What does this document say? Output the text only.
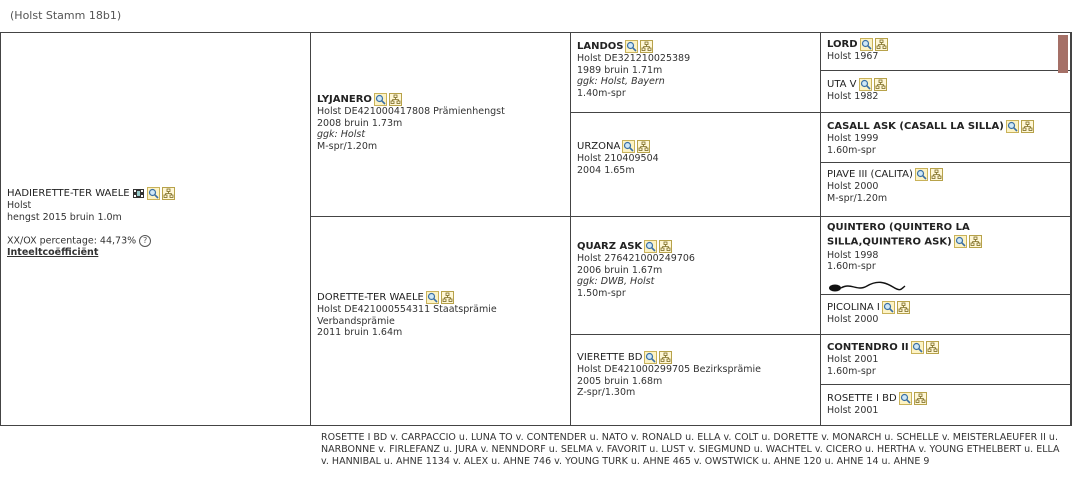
(Holst Stamm 18b1)
HADIERETTE-TER WAELE
Holst
hengst 2015 bruin 1.0m

XX/OX percentage: 44,73% ?
Inteeltcoëfficiënt
LYJANERO
Holst DE421000417808 Prämienhengst
2008 bruin 1.73m
ggk: Holst
M-spr/1.20m
DORETTE-TER WAELE
Holst DE421000554311 Staatsprämie
Verbandsprämie
2011 bruin 1.64m
LANDOS
Holst DE321210025389
1989 bruin 1.71m
ggk: Holst, Bayern
1.40m-spr
URZONA
Holst 210409504
2004 1.65m
QUARZ ASK
Holst 276421000249706
2006 bruin 1.67m
ggk: DWB, Holst
1.50m-spr
VIERETTE BD
Holst DE421000299705 Bezirksprämie
2005 bruin 1.68m
Z-spr/1.30m
LORD
Holst 1967
UTA V
Holst 1982
CASALL ASK (CASALL LA SILLA)
Holst 1999
1.60m-spr
PIAVE III (CALITA)
Holst 2000
M-spr/1.20m
QUINTERO (QUINTERO LA
SILLA,QUINTERO ASK)

Holst 1998
1.60m-spr
PICOLINA I
Holst 2000
CONTENDRO II
Holst 2001
1.60m-spr
ROSETTE I BD
Holst 2001
ROSETTE I BD v. CARPACCIO u. LUNA TO v. CONTENDER u. NATO v. RONALD u. ELLA v. COLT u. DORETTE v. MONARCH u. SCHELLE v. MEISTERLAEUFER II u. NARBONNE v. FIRLEFANZ u. JURA v. NENNDORF u. SELMA v. FAVORIT u. LUST v. SIEGMUND u. WACHTEL v. CICERO u. HERTHA v. YOUNG ETHELBERT u. ELLA v. HANNIBAL u. AHNE 1134 v. ALEX u. AHNE 746 v. YOUNG TURK u. AHNE 465 v. OWSTWICK u. AHNE 120 u. AHNE 14 u. AHNE 9
